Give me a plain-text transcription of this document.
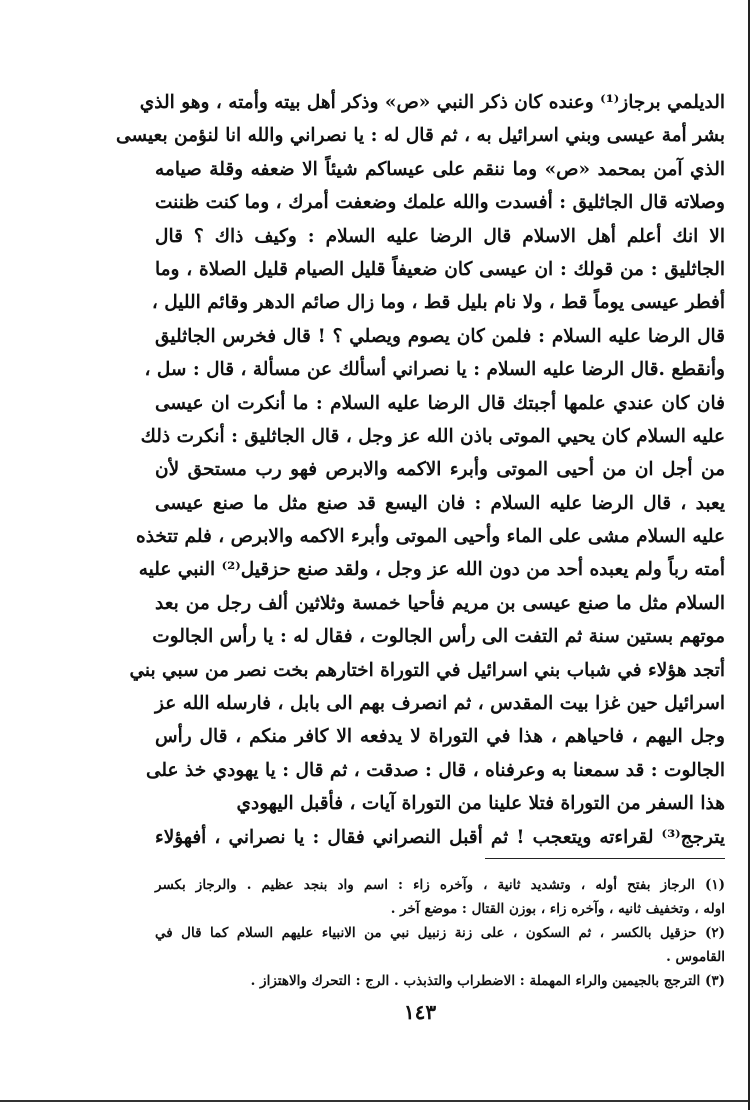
الديلمي برجاز⁽¹⁾ وعنده كان ذكر النبي «ص» وذكر أهل بيته وأمته ، وهو الذي
بشر أمة عيسى وبني اسرائيل به ، ثم قال له : يا نصراني والله انا لنؤمن بعيسى
الذي آمن بمحمد «ص» وما ننقم على عيساكم شيئاً الا ضعفه وقلة صيامه
وصلاته قال الجاثليق : أفسدت والله علمك وضعفت أمرك ، وما كنت ظننت
الا انك أعلم أهل الاسلام قال الرضا عليه السلام : وكيف ذاك ؟ قال
الجاثليق : من قولك : ان عيسى كان ضعيفاً قليل الصيام قليل الصلاة ، وما
أفطر عيسى يوماً قط ، ولا نام بليل قط ، وما زال صائم الدهر وقائم الليل ،
قال الرضا عليه السلام : فلمن كان يصوم ويصلي ؟ ! قال فخرس الجاثليق
وأنقطع .قال الرضا عليه السلام : يا نصراني أسألك عن مسألة ، قال : سل ،
فان كان عندي علمها أجبتك قال الرضا عليه السلام : ما أنكرت ان عيسى
عليه السلام كان يحيي الموتى باذن الله عز وجل ، قال الجاثليق : أنكرت ذلك
من أجل ان من أحيى الموتى وأبرء الاكمه والابرص فهو رب مستحق لأن
يعبد ، قال الرضا عليه السلام : فان اليسع قد صنع مثل ما صنع عيسى
عليه السلام مشى على الماء وأحيى الموتى وأبرء الاكمه والابرص ، فلم تتخذه
أمته رباً ولم يعبده أحد من دون الله عز وجل ، ولقد صنع حزقيل⁽²⁾ النبي عليه
السلام مثل ما صنع عيسى بن مريم فأحيا خمسة وثلاثين ألف رجل من بعد
موتهم بستين سنة ثم التفت الى رأس الجالوت ، فقال له : يا رأس الجالوت
أتجد هؤلاء في شباب بني اسرائيل في التوراة اختارهم بخت نصر من سبي بني
اسرائيل حين غزا بيت المقدس ، ثم انصرف بهم الى بابل ، فارسله الله عز
وجل اليهم ، فاحياهم ، هذا في التوراة لا يدفعه الا كافر منكم ، قال رأس
الجالوت : قد سمعنا به وعرفناه ، قال : صدقت ، ثم قال : يا يهودي خذ على
هذا السفر من التوراة فتلا علينا من التوراة آيات ، فأقبل اليهودي
يترجج⁽³⁾ لقراءته ويتعجب ! ثم أقبل النصراني فقال : يا نصراني ، أفهؤلاء
(١) الرجاز بفتح أوله ، وتشديد ثانية ، وآخره زاء : اسم واد بنجد عظيم . والرجاز بكسر
اوله ، وتخفيف ثانيه ، وآخره زاء ، بوزن القتال : موضع آخر .
(٢) حزقيل بالكسر ، ثم السكون ، على زنة زنبيل نبي من الانبياء عليهم السلام كما قال في
القاموس .
(٣) الترجج بالجيمين والراء المهملة : الاضطراب والتذبذب . الرج : التحرك والاهتزاز .
١٤٣
